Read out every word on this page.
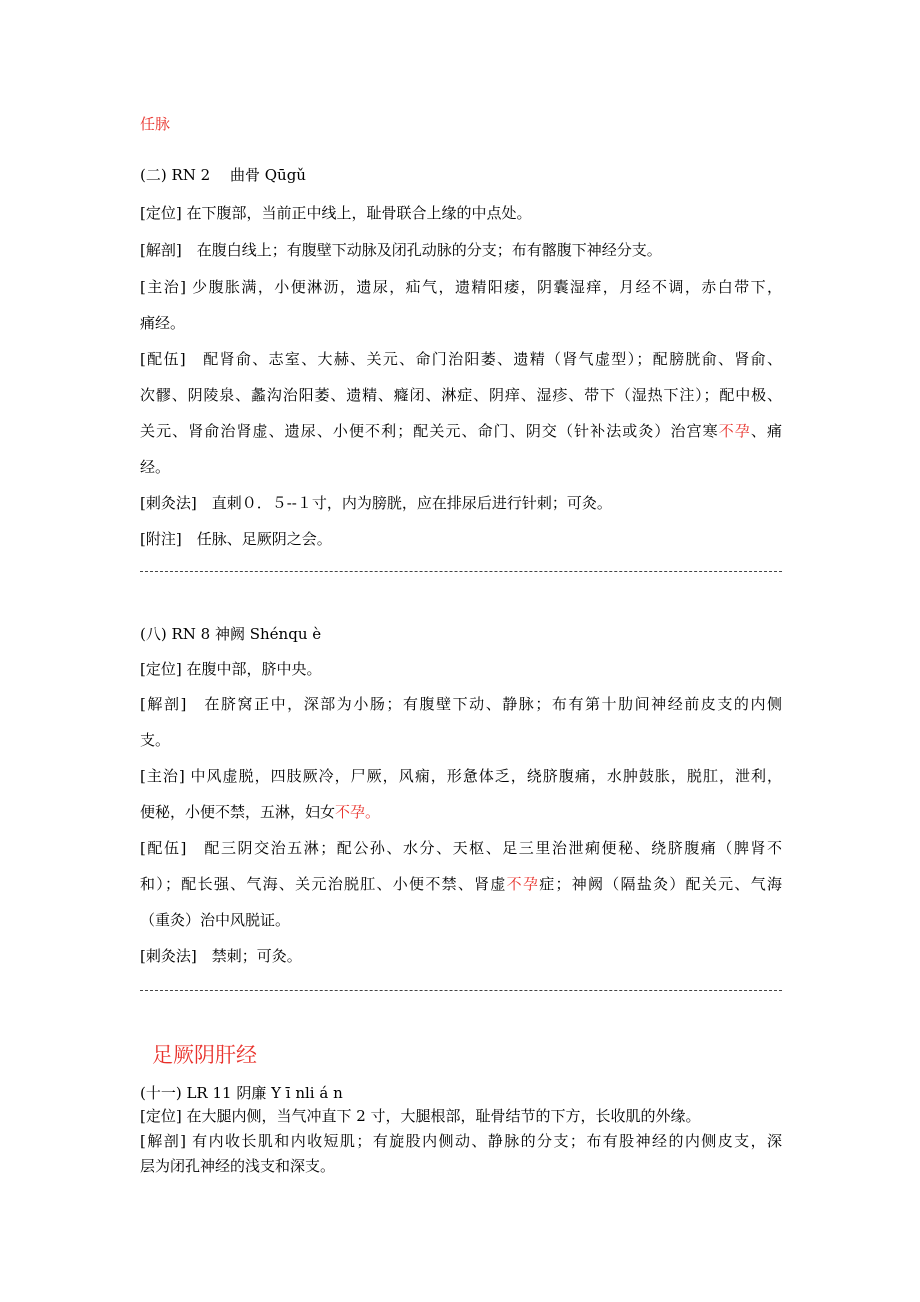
任脉
(二) RN 2　 曲骨 Qūgǔ
[定位] 在下腹部，当前正中线上，耻骨联合上缘的中点处。
[解剖]　在腹白线上；有腹壁下动脉及闭孔动脉的分支；布有髂腹下神经分支。
[主治] 少腹胀满，小便淋沥，遗尿，疝气，遗精阳痿，阴囊湿痒，月经不调，赤白带下，
痛经。
[配伍]　配肾俞、志室、大赫、关元、命门治阳萎、遗精（肾气虚型）；配膀胱俞、肾俞、
次髎、阴陵泉、蠡沟治阳萎、遗精、癃闭、淋症、阴痒、湿疹、带下（湿热下注）；配中极、
关元、肾俞治肾虚、遗尿、小便不利；配关元、命门、阴交（针补法或灸）治宫寒不孕、痛
经。
[刺灸法]　直刺０．５--１寸，内为膀胱，应在排尿后进行针刺；可灸。
[附注]　任脉、足厥阴之会。
(八) RN 8 神阙 Shénqu è
[定位] 在腹中部，脐中央。
[解剖]　在脐窝正中，深部为小肠；有腹壁下动、静脉；布有第十肋间神经前皮支的内侧
支。
[主治] 中风虚脱，四肢厥冷，尸厥，风痫，形惫体乏，绕脐腹痛，水肿鼓胀，脱肛，泄利，
便秘，小便不禁，五淋，妇女不孕。
[配伍]　配三阴交治五淋；配公孙、水分、天枢、足三里治泄痢便秘、绕脐腹痛（脾肾不
和）；配长强、气海、关元治脱肛、小便不禁、肾虚不孕症；神阙（隔盐灸）配关元、气海
（重灸）治中风脱证。
[刺灸法]　禁刺；可灸。
足厥阴肝经
(十一) LR 11 阴廉 Y ī nli á n
[定位] 在大腿内侧，当气冲直下 2 寸，大腿根部，耻骨结节的下方，长收肌的外缘。
[解剖] 有内收长肌和内收短肌；有旋股内侧动、静脉的分支；布有股神经的内侧皮支，深
层为闭孔神经的浅支和深支。
